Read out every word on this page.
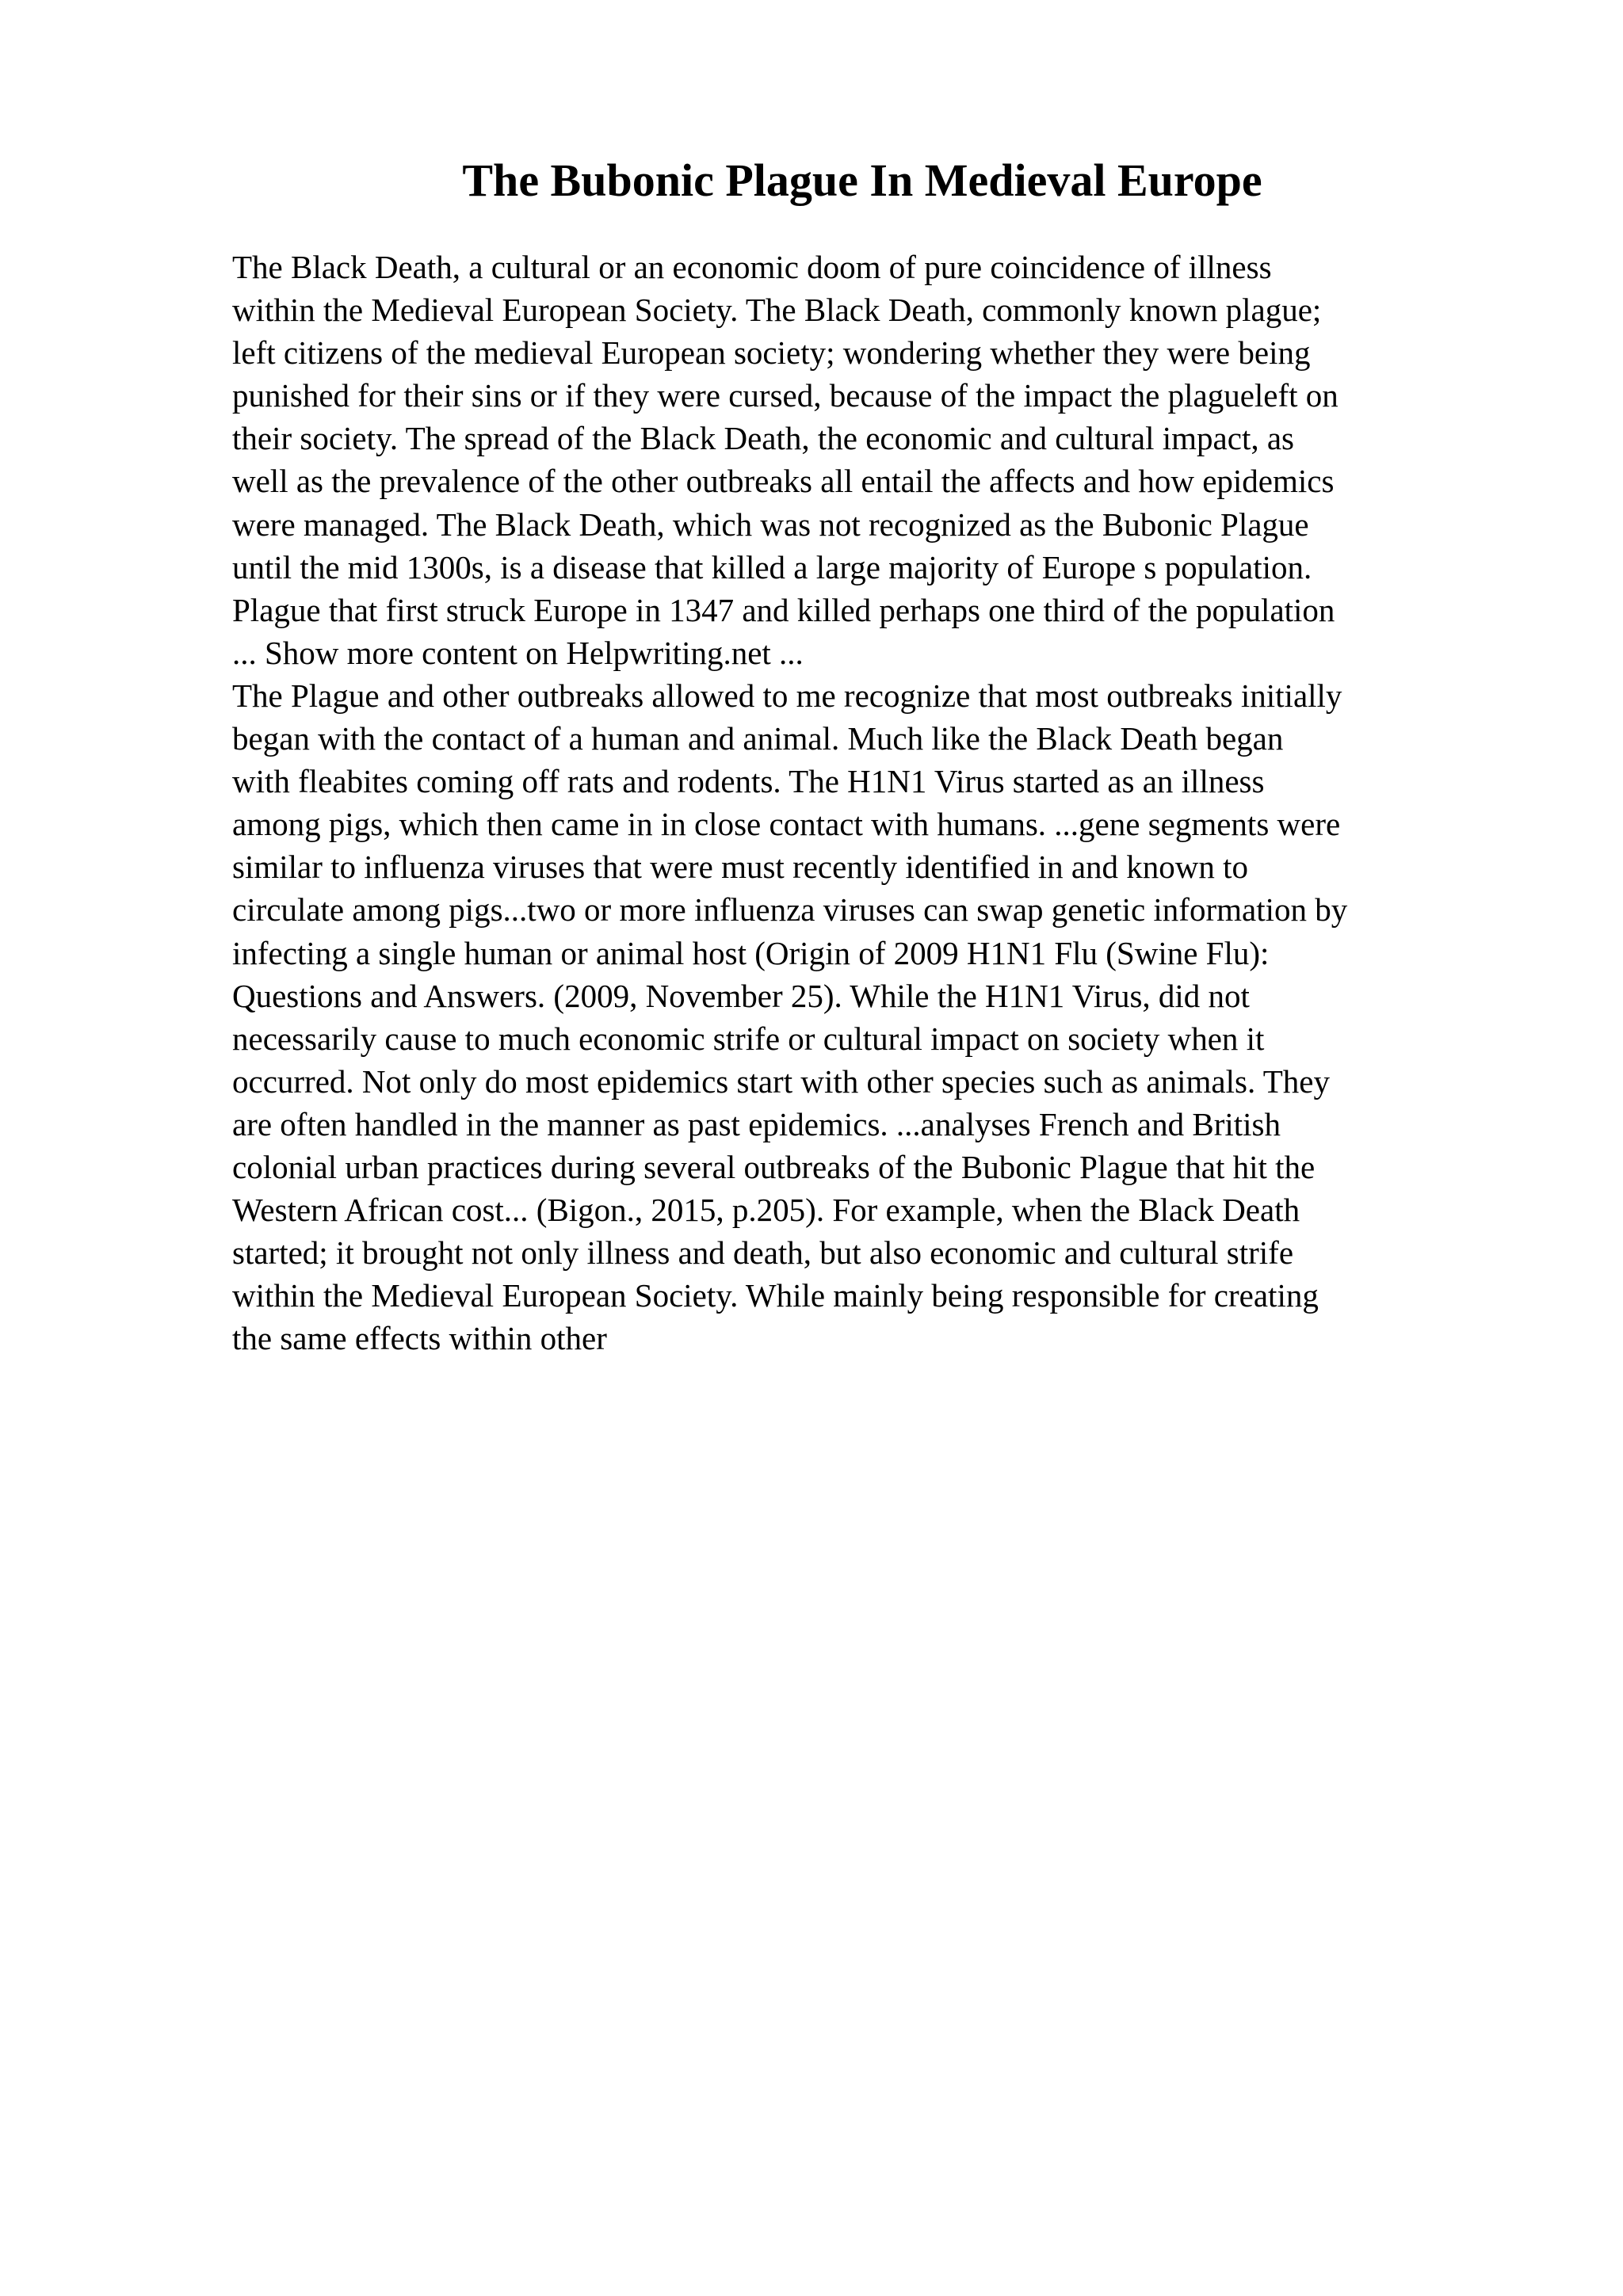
The Bubonic Plague In Medieval Europe
The Black Death, a cultural or an economic doom of pure coincidence of illness
within the Medieval European Society. The Black Death, commonly known plague;
left citizens of the medieval European society; wondering whether they were being
punished for their sins or if they were cursed, because of the impact the plagueleft on
their society. The spread of the Black Death, the economic and cultural impact, as
well as the prevalence of the other outbreaks all entail the affects and how epidemics
were managed. The Black Death, which was not recognized as the Bubonic Plague
until the mid 1300s, is a disease that killed a large majority of Europe s population.
Plague that first struck Europe in 1347 and killed perhaps one third of the population
... Show more content on Helpwriting.net ...
The Plague and other outbreaks allowed to me recognize that most outbreaks initially
began with the contact of a human and animal. Much like the Black Death began
with fleabites coming off rats and rodents. The H1N1 Virus started as an illness
among pigs, which then came in in close contact with humans. ...gene segments were
similar to influenza viruses that were must recently identified in and known to
circulate among pigs...two or more influenza viruses can swap genetic information by
infecting a single human or animal host (Origin of 2009 H1N1 Flu (Swine Flu):
Questions and Answers. (2009, November 25). While the H1N1 Virus, did not
necessarily cause to much economic strife or cultural impact on society when it
occurred. Not only do most epidemics start with other species such as animals. They
are often handled in the manner as past epidemics. ...analyses French and British
colonial urban practices during several outbreaks of the Bubonic Plague that hit the
Western African cost... (Bigon., 2015, p.205). For example, when the Black Death
started; it brought not only illness and death, but also economic and cultural strife
within the Medieval European Society. While mainly being responsible for creating
the same effects within other
